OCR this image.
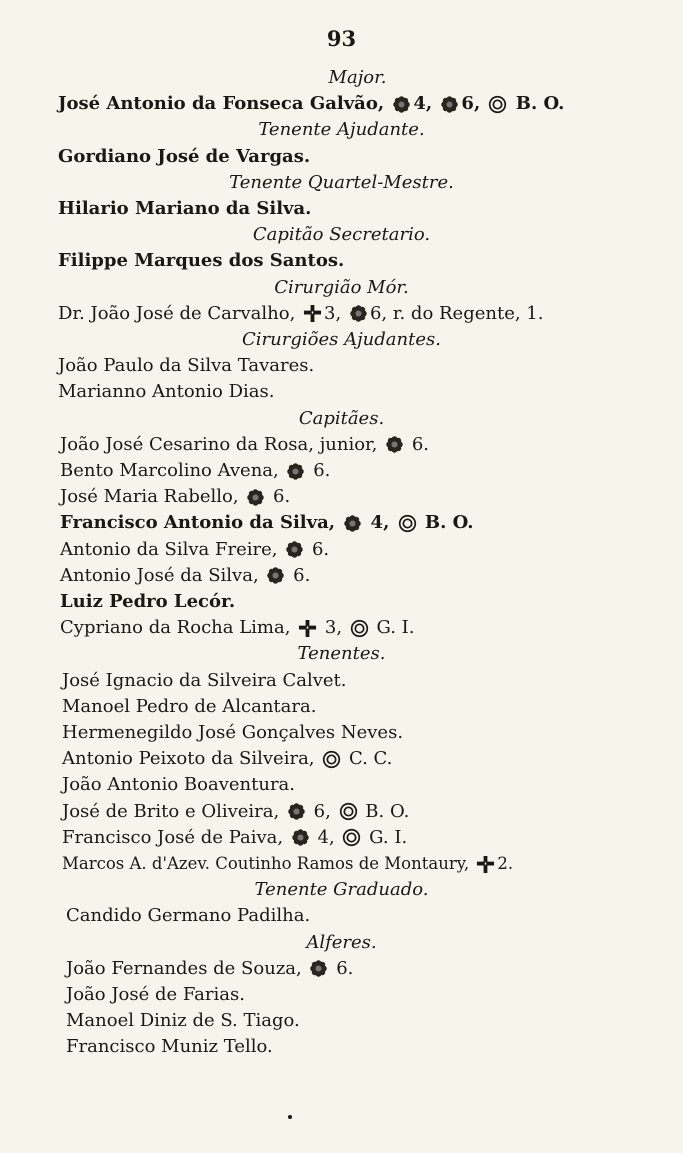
93
Major.
José Antonio da Fonseca Galvão, 4, 6,  B. O.
Tenente Ajudante.
Gordiano José de Vargas.
Tenente Quartel-Mestre.
Hilario Mariano da Silva.
Capitão Secretario.
Filippe Marques dos Santos.
Cirurgião Mór.
Dr. João José de Carvalho, 3, 6, r. do Regente, 1.
Cirurgiões Ajudantes.
João Paulo da Silva Tavares.
Marianno Antonio Dias.
Capitães.
João José Cesarino da Rosa, junior,  6.
Bento Marcolino Avena,  6.
José Maria Rabello,  6.
Francisco Antonio da Silva,  4,  B. O.
Antonio da Silva Freire,  6.
Antonio José da Silva,  6.
Luiz Pedro Lecór.
Cypriano da Rocha Lima,  3,  G. I.
Tenentes.
José Ignacio da Silveira Calvet.
Manoel Pedro de Alcantara.
Hermenegildo José Gonçalves Neves.
Antonio Peixoto da Silveira,  C. C.
João Antonio Boaventura.
José de Brito e Oliveira,  6,  B. O.
Francisco José de Paiva,  4,  G. I.
Marcos A. d'Azev. Coutinho Ramos de Montaury, 2.
Tenente Graduado.
Candido Germano Padilha.
Alferes.
João Fernandes de Souza,  6.
João José de Farias.
Manoel Diniz de S. Tiago.
Francisco Muniz Tello.
